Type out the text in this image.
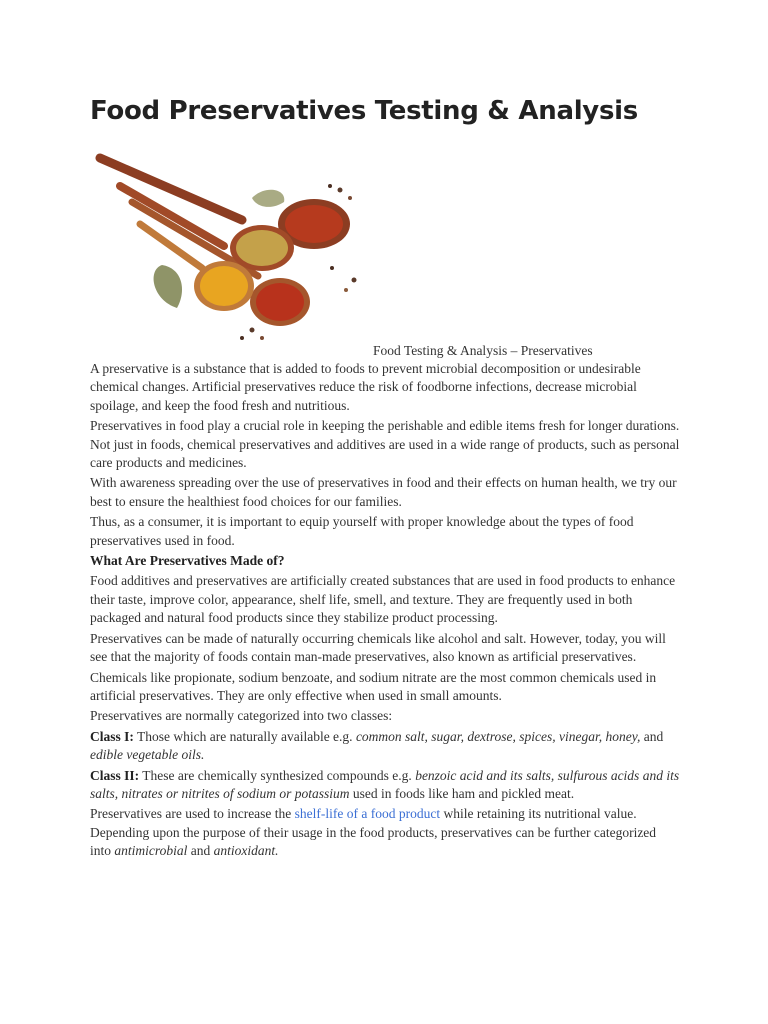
Food Preservatives Testing & Analysis
Food Testing & Analysis – Preservatives

A preservative is a substance that is added to foods to prevent microbial decomposition or undesirable chemical changes. Artificial preservatives reduce the risk of foodborne infections, decrease microbial spoilage, and keep the food fresh and nutritious.

Preservatives in food play a crucial role in keeping the perishable and edible items fresh for longer durations. Not just in foods, chemical preservatives and additives are used in a wide range of products, such as personal care products and medicines.

With awareness spreading over the use of preservatives in food and their effects on human health, we try our best to ensure the healthiest food choices for our families.

Thus, as a consumer, it is important to equip yourself with proper knowledge about the types of food preservatives used in food.

What Are Preservatives Made of?

Food additives and preservatives are artificially created substances that are used in food products to enhance their taste, improve color, appearance, shelf life, smell, and texture. They are frequently used in both packaged and natural food products since they stabilize product processing.

Preservatives can be made of naturally occurring chemicals like alcohol and salt. However, today, you will see that the majority of foods contain man-made preservatives, also known as artificial preservatives.

Chemicals like propionate, sodium benzoate, and sodium nitrate are the most common chemicals used in artificial preservatives. They are only effective when used in small amounts.

Preservatives are normally categorized into two classes:

Class I: Those which are naturally available e.g. common salt, sugar, dextrose, spices, vinegar, honey, and edible vegetable oils.

Class II: These are chemically synthesized compounds e.g. benzoic acid and its salts, sulfurous acids and its salts, nitrates or nitrites of sodium or potassium used in foods like ham and pickled meat.

Preservatives are used to increase the shelf-life of a food product while retaining its nutritional value. Depending upon the purpose of their usage in the food products, preservatives can be further categorized into antimicrobial and antioxidant.
